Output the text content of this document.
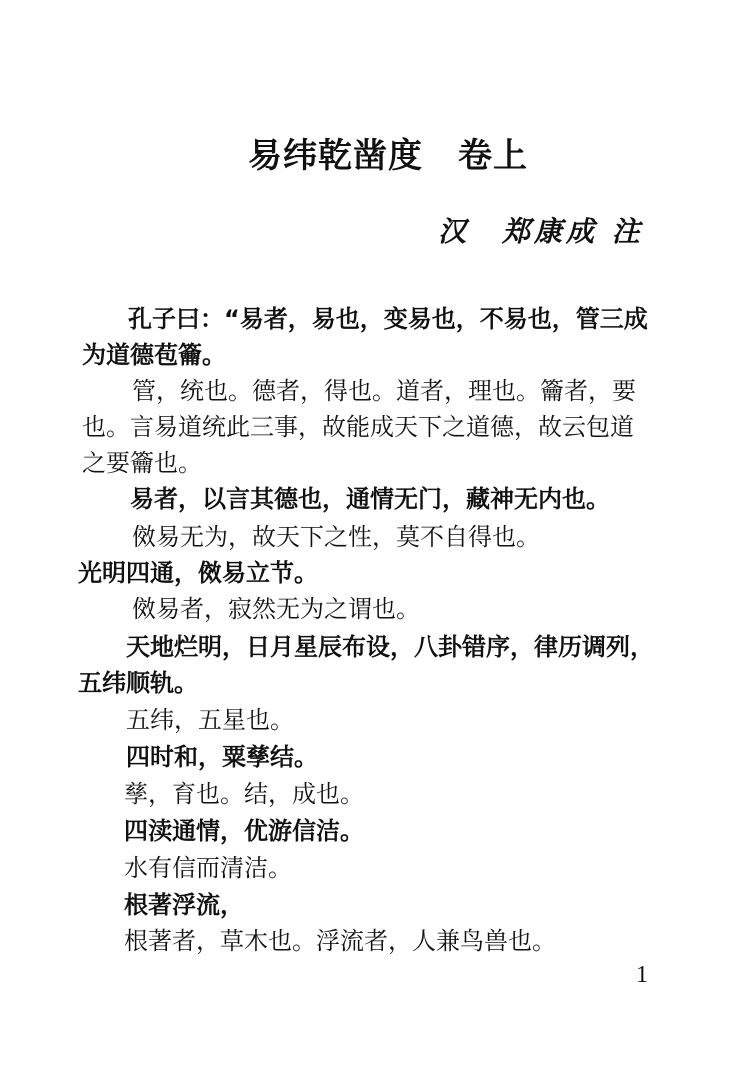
易纬乾凿度　卷上
汉　郑康成 注
孔子曰：“易者，易也，变易也，不易也，管三成
为道德苞籥。
管，统也。德者，得也。道者，理也。籥者，要
也。言易道统此三事，故能成天下之道德，故云包道
之要籥也。
易者，以言其德也，通情无门，藏神无内也。
傚易无为，故天下之性，莫不自得也。
光明四通，傚易立节。
傚易者，寂然无为之谓也。
天地烂明，日月星辰布设，八卦错序，律历调列，
五纬顺轨。
五纬，五星也。
四时和，粟孳结。
孳，育也。结，成也。
四渎通情，优游信洁。
水有信而清洁。
根著浮流，
根著者，草木也。浮流者，人兼鸟兽也。
1
